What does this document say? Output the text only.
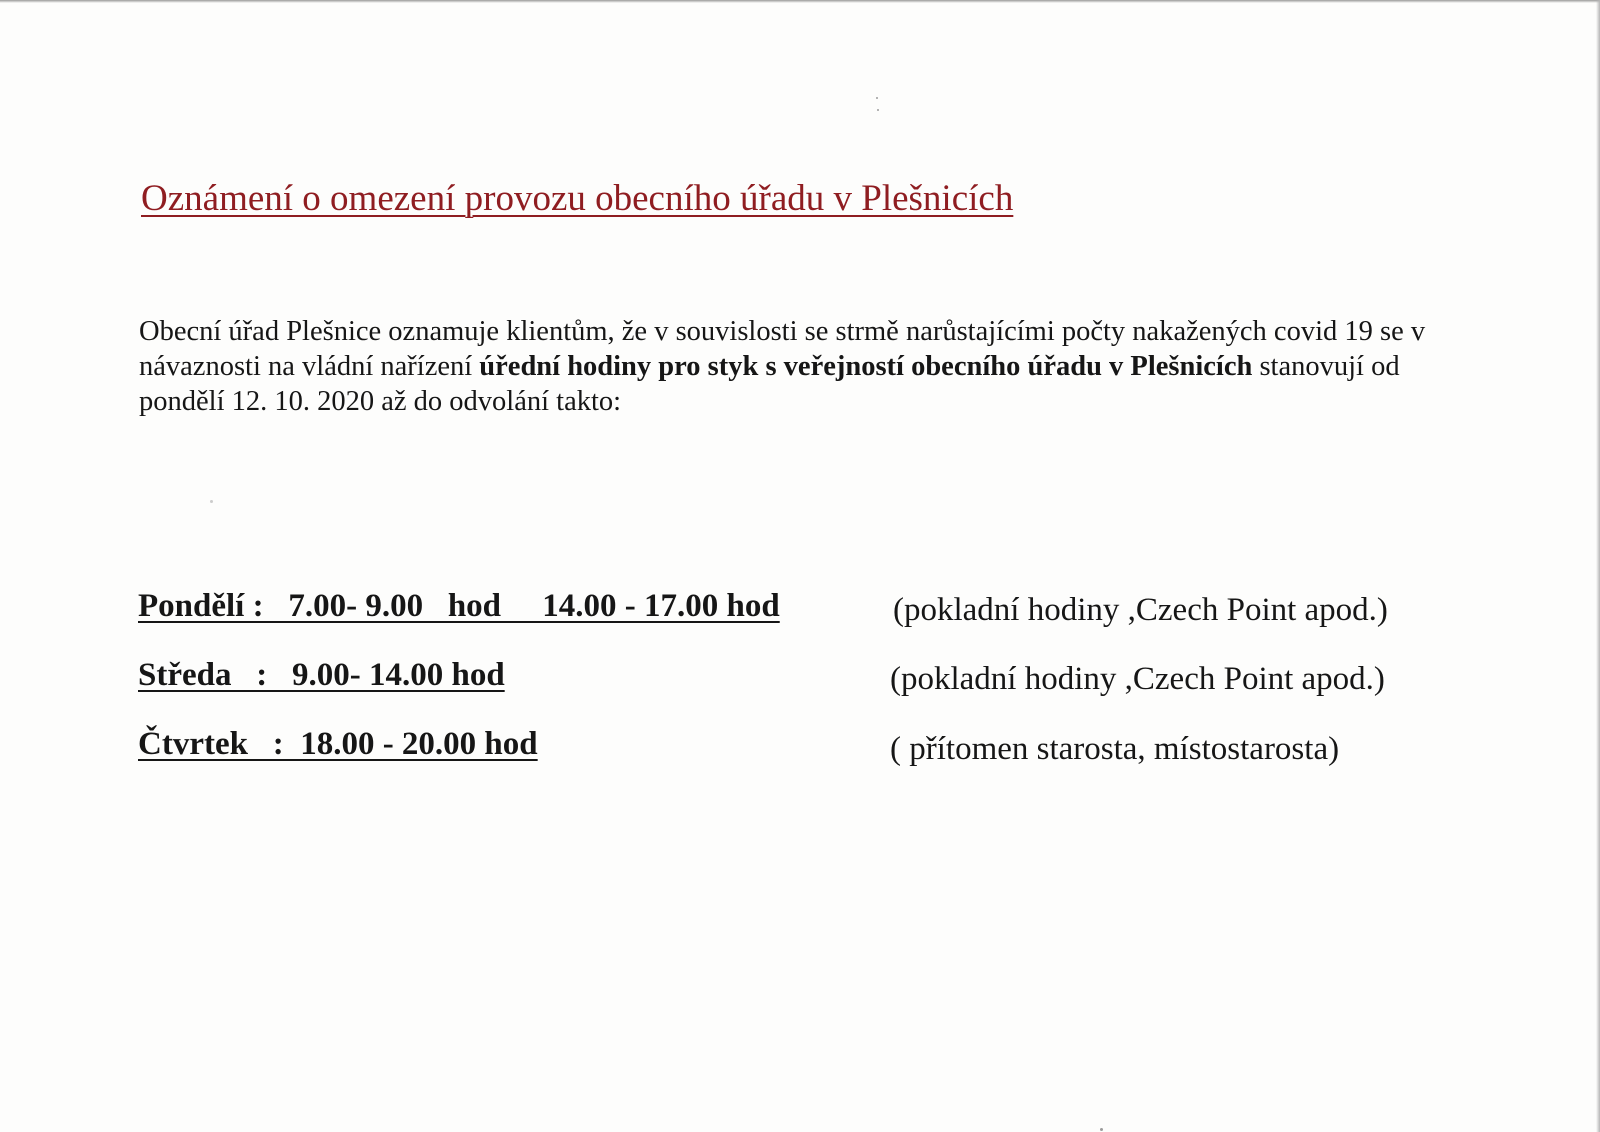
Oznámení o omezení provozu obecního úřadu v Plešnicích

Obecní úřad Plešnice oznamuje klientům, že v souvislosti se strmě narůstajícími počty nakažených covid 19 se v návaznosti na vládní nařízení úřední hodiny pro styk s veřejností obecního úřadu v Plešnicích stanovují od pondělí 12. 10. 2020 až do odvolání takto:

Pondělí :   7.00- 9.00   hod     14.00 - 17.00 hod	(pokladní hodiny ,Czech Point apod.)
Středa   :   9.00- 14.00 hod	(pokladní hodiny ,Czech Point apod.)
Čtvrtek   :  18.00 - 20.00 hod	( přítomen starosta, místostarosta)
